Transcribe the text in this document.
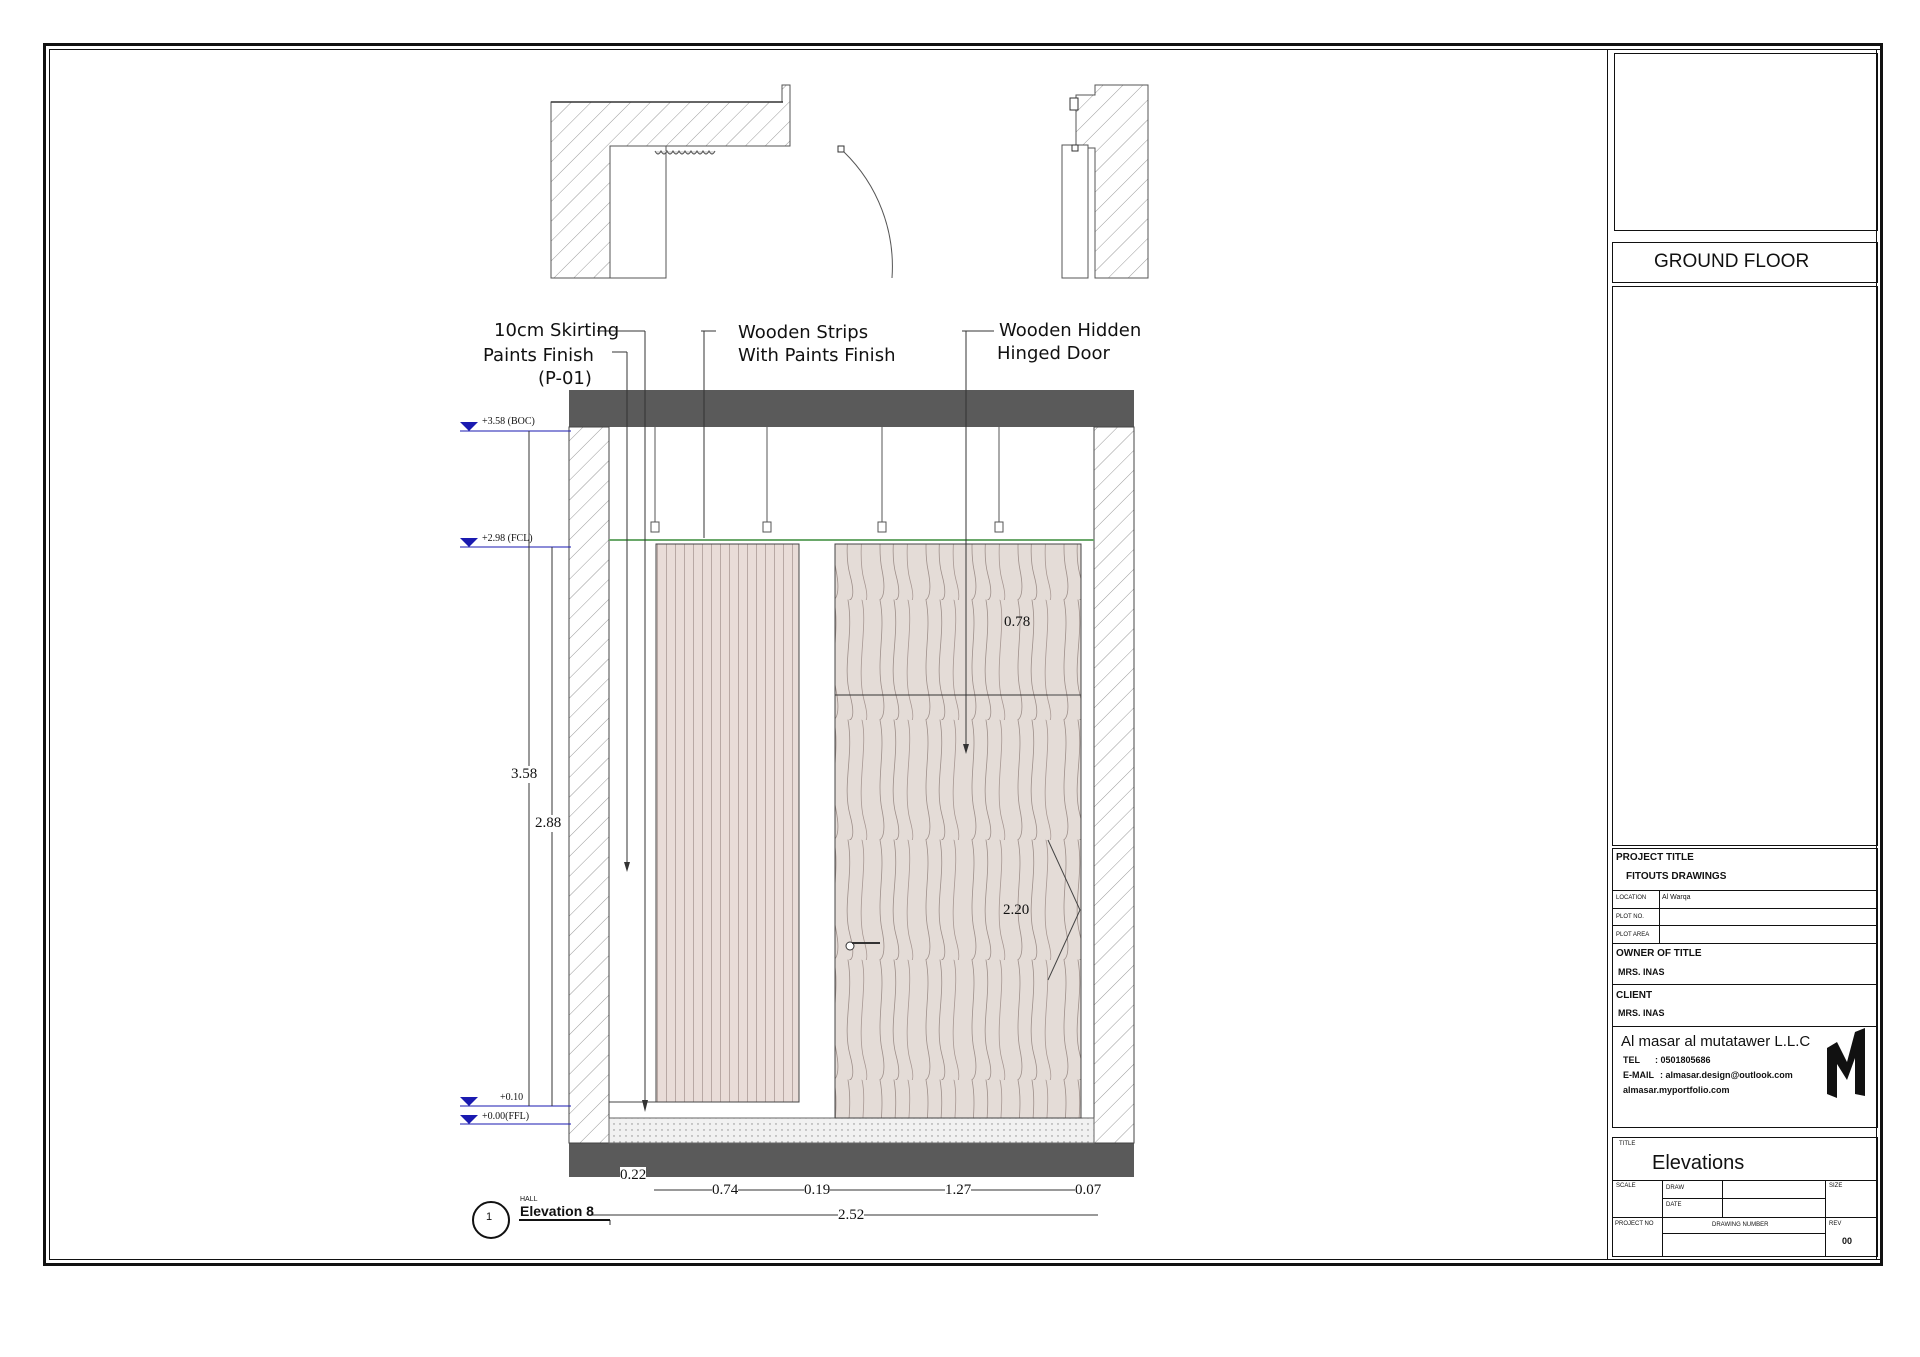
10cm Skirting
Paints Finish
(P-01)
Wooden Strips
With Paints Finish
Wooden Hidden
Hinged Door
+3.58 (BOC)
+2.98 (FCL)
+0.10
+0.00(FFL)
3.58
2.88
0.78
2.20
0.22
0.74	0.19	1.27	0.07
2.52
1
HALL
Elevation 8
GROUND FLOOR
PROJECT TITLE
FITOUTS DRAWINGS
LOCATION Al Warqa
PLOT NO.
PLOT AREA
OWNER OF TITLE
MRS. INAS
CLIENT
MRS. INAS
Al masar al mutatawer L.L.C
TEL : 0501805686
E-MAIL : almasar.design@outlook.com
almasar.myportfolio.com
TITLE
Elevations
SCALE	DRAW	SIZE
DATE
PROJECT NO	DRAWING NUMBER	REV
00
